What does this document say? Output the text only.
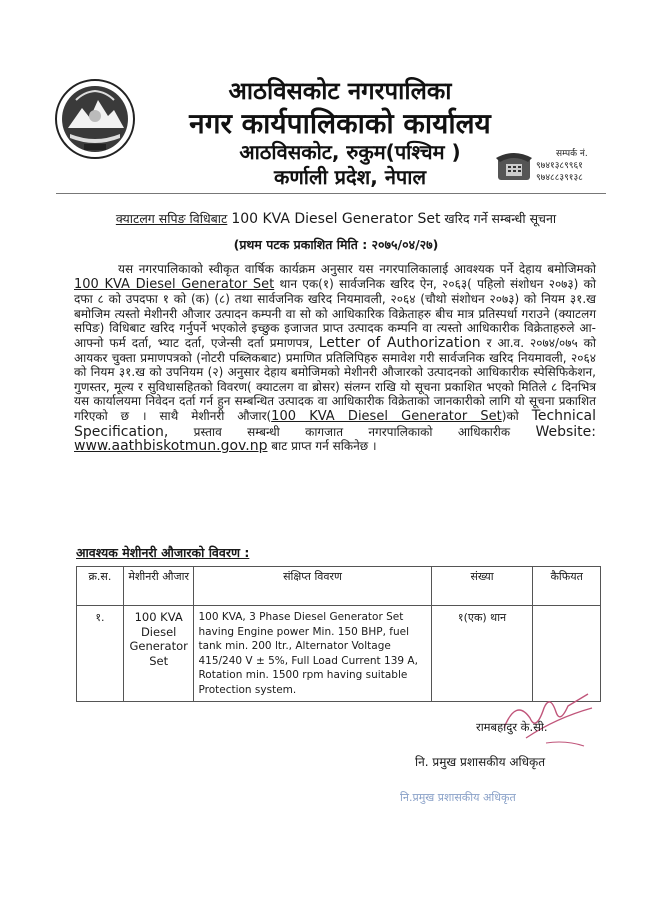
आठविसकोट नगरपालिका
नगर कार्यपालिकाको कार्यालय
आठविसकोट, रुकुम(पश्चिम )
कर्णाली प्रदेश, नेपाल
सम्पर्क नं.
९७४१३८९९६१
९७४८८३९१३८
क्याटलग सपिङ विधिबाट 100 KVA Diesel Generator Set खरिद गर्ने सम्बन्धी सूचना
(प्रथम पटक प्रकाशित मिति : २०७५/०४/२७)
यस नगरपालिकाको स्वीकृत वार्षिक कार्यक्रम अनुसार यस नगरपालिकालाई आवश्यक पर्ने देहाय बमोजिमको 100 KVA Diesel Generator Set थान एक(१) सार्वजनिक खरिद ऐन, २०६३( पहिलो संशोधन २०७३) को दफा ८ को उपदफा १ को (क) (८) तथा सार्वजनिक खरिद नियमावली, २०६४ (चौथो संशोधन २०७३) को नियम ३१.ख बमोजिम त्यस्तो मेशीनरी औजार उत्पादन कम्पनी वा सो को आधिकारिक विक्रेताहरु बीच मात्र प्रतिस्पर्धा गराउने (क्याटलग सपिङ) विधिबाट खरिद गर्नुपर्ने भएकोले इच्छुक इजाजत प्राप्त उत्पादक कम्पनि वा त्यस्तो आधिकारीक विक्रेताहरुले आ-आफ्नो फर्म दर्ता, भ्याट दर्ता, एजेन्सी दर्ता प्रमाणपत्र, Letter of Authorization र आ.व. २०७४/०७५ को आयकर चुक्ता प्रमाणपत्रको (नोटरी पब्लिकबाट) प्रमाणित प्रतिलिपिहरु समावेश गरी सार्वजनिक खरिद नियमावली, २०६४ को नियम ३१.ख को उपनियम (२) अनुसार देहाय बमोजिमको मेशीनरी औजारको उत्पादनको आधिकारीक स्पेसिफिकेशन, गुणस्तर, मूल्य र सुविधासहितको विवरण( क्याटलग वा ब्रोसर) संलग्न राखि यो सूचना प्रकाशित भएको मितिले ८ दिनभित्र यस कार्यालयमा निवेदन दर्ता गर्न हुन सम्बन्धित उत्पादक वा आधिकारीक विक्रेताको जानकारीको लागि यो सूचना प्रकाशित गरिएको छ । साथै मेशीनरी औजार(100 KVA Diesel Generator Set)को Technical Specification, प्रस्ताव सम्बन्धी कागजात नगरपालिकाको आधिकारीक Website: www.aathbiskotmun.gov.np बाट प्राप्त गर्न सकिनेछ ।
आवश्यक मेशीनरी औजारको विवरण :
क्र.स.	मेशीनरी औजार	संक्षिप्त विवरण	संख्या	कैफियत
१.	100 KVA Diesel Generator Set	100 KVA, 3 Phase Diesel Generator Set having Engine power Min. 150 BHP, fuel tank min. 200 ltr., Alternator Voltage 415/240 V ± 5%, Full Load Current 139 A, Rotation min. 1500 rpm having suitable Protection system.	१(एक) थान	
रामबहादुर के.सी.
नि. प्रमुख प्रशासकीय अधिकृत
नि.प्रमुख प्रशासकीय अधिकृत
